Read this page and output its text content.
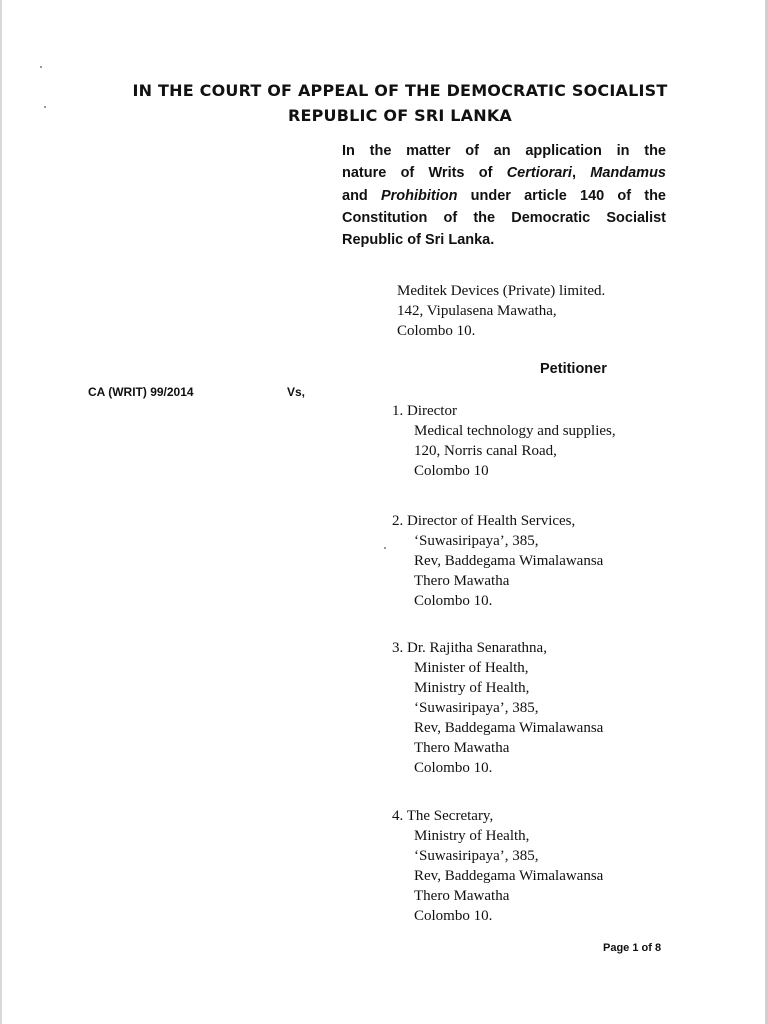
IN THE COURT OF APPEAL OF THE DEMOCRATIC SOCIALIST
REPUBLIC OF SRI LANKA
In the matter of an application in the
nature of Writs of Certiorari, Mandamus
and Prohibition under article 140 of the
Constitution of the Democratic Socialist
Republic of Sri Lanka.
Meditek Devices (Private) limited.
142, Vipulasena Mawatha,
Colombo 10.
Petitioner
CA (WRIT) 99/2014	Vs,
1. Director
Medical technology and supplies,
120, Norris canal Road,
Colombo 10
2. Director of Health Services,
‘Suwasiripaya’, 385,
Rev, Baddegama Wimalawansa
Thero Mawatha
Colombo 10.
3. Dr. Rajitha Senarathna,
Minister of Health,
Ministry of Health,
‘Suwasiripaya’, 385,
Rev, Baddegama Wimalawansa
Thero Mawatha
Colombo 10.
4. The Secretary,
Ministry of Health,
‘Suwasiripaya’, 385,
Rev, Baddegama Wimalawansa
Thero Mawatha
Colombo 10.
Page 1 of 8
